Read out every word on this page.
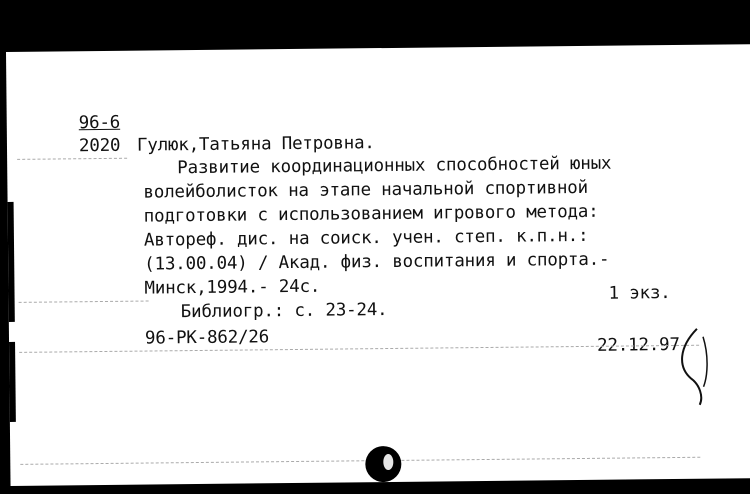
96-6
2020 Гулюк,Татьяна Петровна.
Развитие координационных способностей юных
волейболисток на этапе начальной спортивной
подготовки с использованием игрового метода:
Автореф. дис. на соиск. учен. степ. к.п.н.:
(13.00.04) / Акад. физ. воспитания и спорта.-
Минск,1994.- 24с.	1 экз.
Библиогр.: с. 23-24.
96-РК-862/26	22.12.97
